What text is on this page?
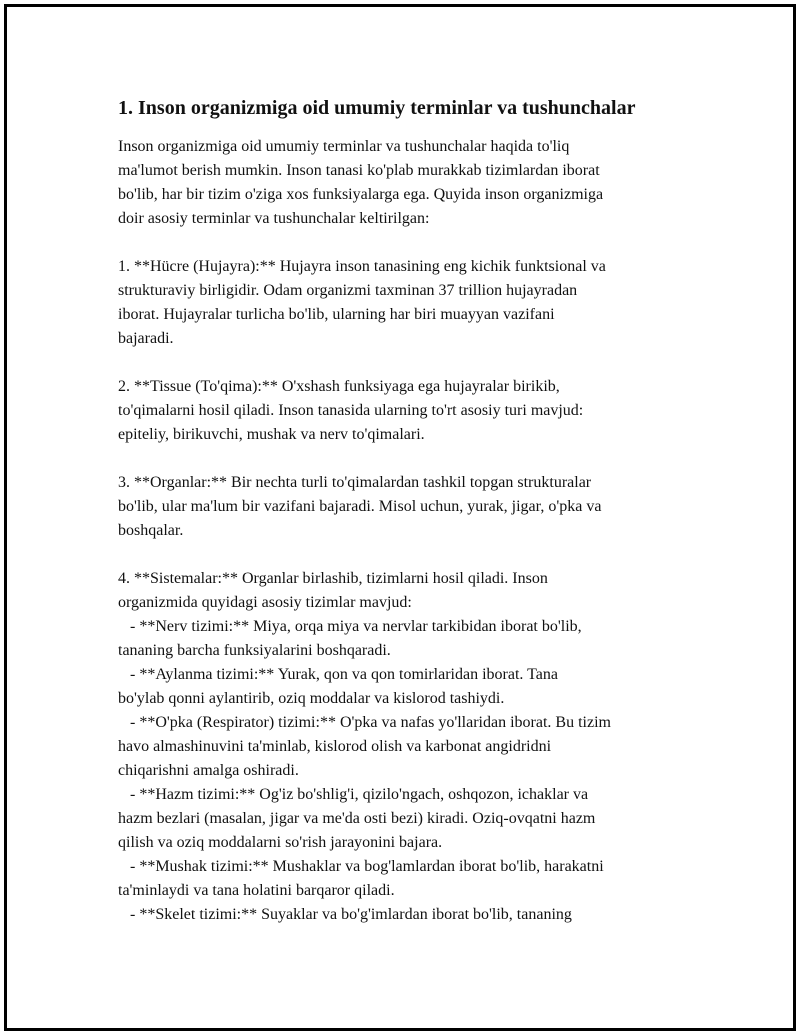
1. Inson organizmiga oid umumiy terminlar va tushunchalar

Inson organizmiga oid umumiy terminlar va tushunchalar haqida to'liq
ma'lumot berish mumkin. Inson tanasi ko'plab murakkab tizimlardan iborat
bo'lib, har bir tizim o'ziga xos funksiyalarga ega. Quyida inson organizmiga
doir asosiy terminlar va tushunchalar keltirilgan:

1. **Hücre (Hujayra):** Hujayra inson tanasining eng kichik funktsional va
strukturaviy birligidir. Odam organizmi taxminan 37 trillion hujayradan
iborat. Hujayralar turlicha bo'lib, ularning har biri muayyan vazifani
bajaradi.

2. **Tissue (To'qima):** O'xshash funksiyaga ega hujayralar birikib,
to'qimalarni hosil qiladi. Inson tanasida ularning to'rt asosiy turi mavjud:
epiteliy, birikuvchi, mushak va nerv to'qimalari.

3. **Organlar:** Bir nechta turli to'qimalardan tashkil topgan strukturalar
bo'lib, ular ma'lum bir vazifani bajaradi. Misol uchun, yurak, jigar, o'pka va
boshqalar.

4. **Sistemalar:** Organlar birlashib, tizimlarni hosil qiladi. Inson
organizmida quyidagi asosiy tizimlar mavjud:
- **Nerv tizimi:** Miya, orqa miya va nervlar tarkibidan iborat bo'lib,
tananing barcha funksiyalarini boshqaradi.
- **Aylanma tizimi:** Yurak, qon va qon tomirlaridan iborat. Tana
bo'ylab qonni aylantirib, oziq moddalar va kislorod tashiydi.
- **O'pka (Respirator) tizimi:** O'pka va nafas yo'llaridan iborat. Bu tizim
havo almashinuvini ta'minlab, kislorod olish va karbonat angidridni
chiqarishni amalga oshiradi.
- **Hazm tizimi:** Og'iz bo'shlig'i, qizilo'ngach, oshqozon, ichaklar va
hazm bezlari (masalan, jigar va me'da osti bezi) kiradi. Oziq-ovqatni hazm
qilish va oziq moddalarni so'rish jarayonini bajara.
- **Mushak tizimi:** Mushaklar va bog'lamlardan iborat bo'lib, harakatni
ta'minlaydi va tana holatini barqaror qiladi.
- **Skelet tizimi:** Suyaklar va bo'g'imlardan iborat bo'lib, tananing
